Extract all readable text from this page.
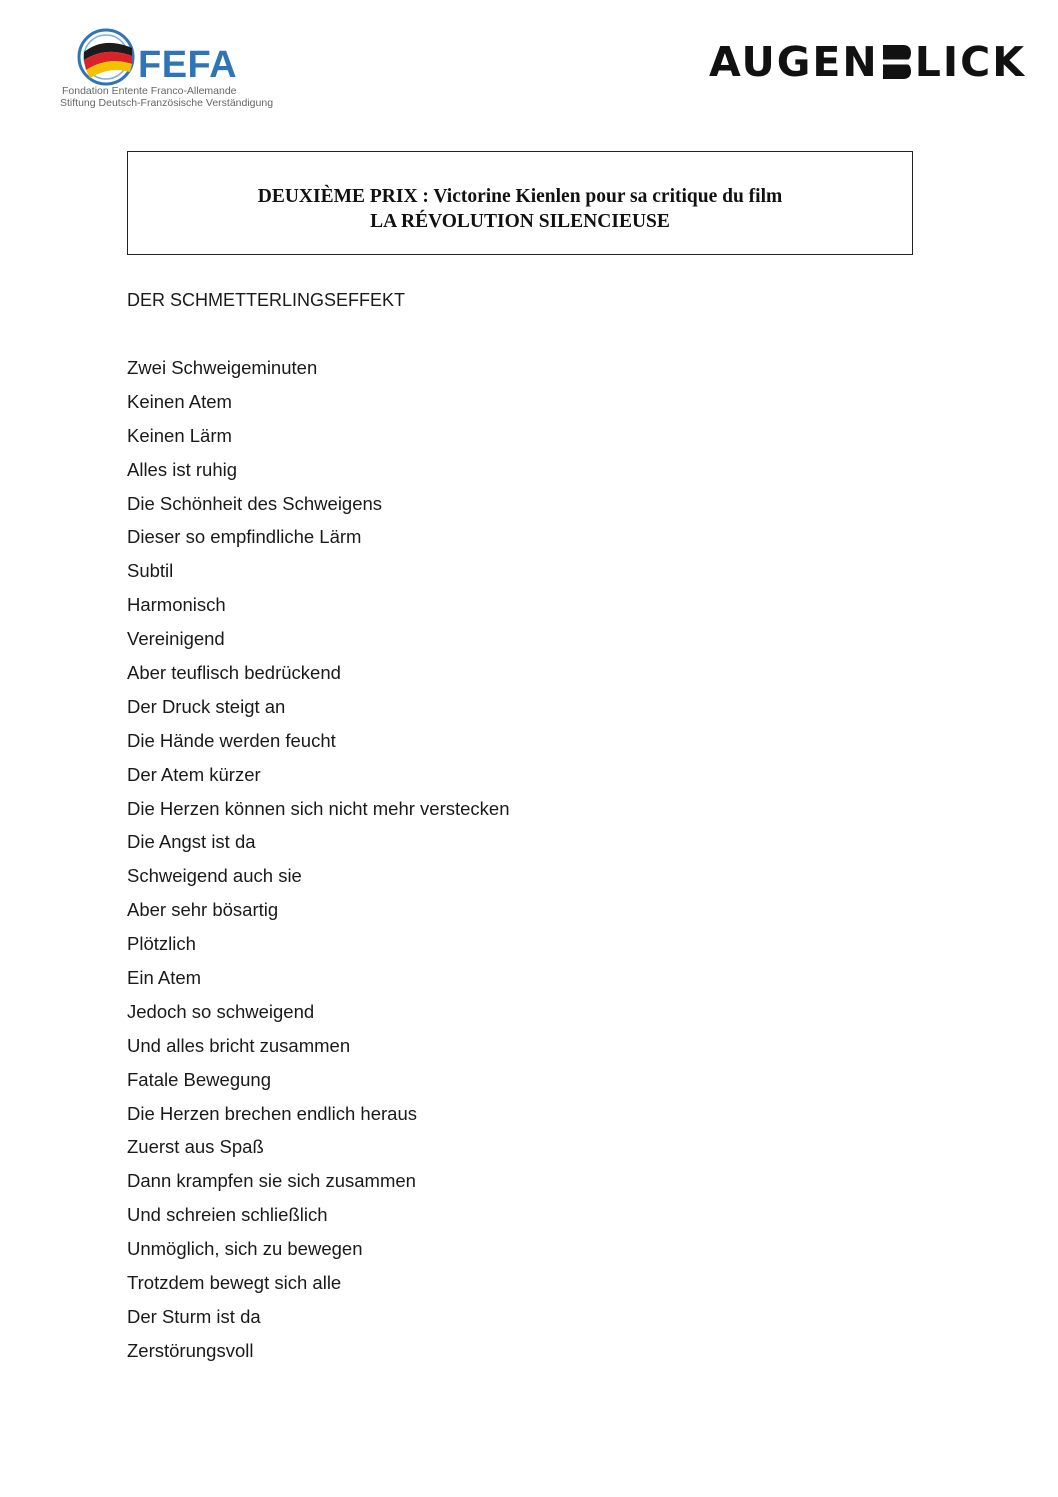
FEFA
Fondation Entente Franco-Allemande
Stiftung Deutsch-Französische Verständigung
AUGEN LICK
DEUXIÈME PRIX : Victorine Kienlen pour sa critique du film
LA RÉVOLUTION SILENCIEUSE
DER SCHMETTERLINGSEFFEKT
Zwei Schweigeminuten
Keinen Atem
Keinen Lärm
Alles ist ruhig
Die Schönheit des Schweigens
Dieser so empfindliche Lärm
Subtil
Harmonisch
Vereinigend
Aber teuflisch bedrückend
Der Druck steigt an
Die Hände werden feucht
Der Atem kürzer
Die Herzen können sich nicht mehr verstecken
Die Angst ist da
Schweigend auch sie
Aber sehr bösartig
Plötzlich
Ein Atem
Jedoch so schweigend
Und alles bricht zusammen
Fatale Bewegung
Die Herzen brechen endlich heraus
Zuerst aus Spaß
Dann krampfen sie sich zusammen
Und schreien schließlich
Unmöglich, sich zu bewegen
Trotzdem bewegt sich alle
Der Sturm ist da
Zerstörungsvoll
